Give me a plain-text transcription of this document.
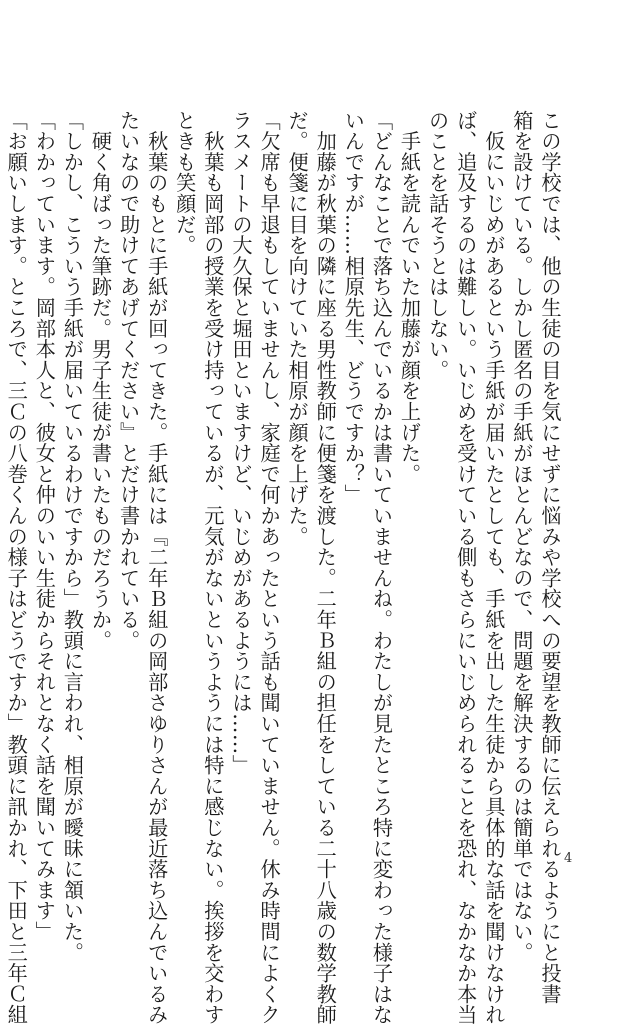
この学校では、他の生徒の目を気にせずに悩みや学校への要望を教師に伝えられるようにと投書
箱を設けている。しかし匿名の手紙がほとんどなので、問題を解決するのは簡単ではない。
　仮にいじめがあるという手紙が届いたとしても、手紙を出した生徒から具体的な話を聞けなけれ
ば、追及するのは難しい。いじめを受けている側もさらにいじめられることを恐れ、なかなか本当
のことを話そうとはしない。
　手紙を読んでいた加藤が顔を上げた。
「どんなことで落ち込んでいるかは書いていませんね。わたしが見たところ特に変わった様子はな
いんですが……相原先生、どうですか？」
　加藤が秋葉の隣に座る男性教師に便箋を渡した。二年Ｂ組の担任をしている二十八歳の数学教師
だ。便箋に目を向けていた相原が顔を上げた。
「欠席も早退もしていませんし、家庭で何かあったという話も聞いていません。休み時間によくク
ラスメートの大久保と堀田といますけど、いじめがあるようには……」
　秋葉も岡部の授業を受け持っているが、元気がないというようには特に感じない。挨拶を交わす
ときも笑顔だ。
　秋葉のもとに手紙が回ってきた。手紙には『二年Ｂ組の岡部さゆりさんが最近落ち込んでいるみ
たいなので助けてあげてください』とだけ書かれている。
　硬く角ばった筆跡だ。男子生徒が書いたものだろうか。
「しかし、こういう手紙が届いているわけですから」教頭に言われ、相原が曖昧に頷いた。
「わかっています。岡部本人と、彼女と仲のいい生徒からそれとなく話を聞いてみます」
「お願いします。ところで、三Ｃの八巻くんの様子はどうですか」教頭に訊かれ、下田と三年Ｃ組	4
